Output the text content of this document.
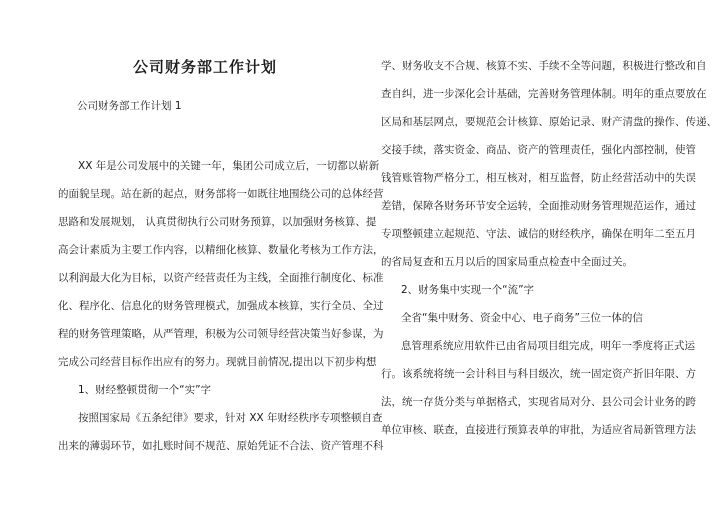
公司财务部工作计划
公司财务部工作计划 1
XX 年是公司发展中的关键一年，集团公司成立后，一切都以崭新
的面貌呈现。站在新的起点，财务部将一如既往地围绕公司的总体经营
思路和发展规划， 认真贯彻执行公司财务预算，以加强财务核算、提
高会计素质为主要工作内容，以精细化核算、数量化考核为工作方法，
以利润最大化为目标，以资产经营责任为主线，全面推行制度化、标准
化、程序化、信息化的财务管理模式，加强成本核算，实行全员、全过
程的财务管理策略，从严管理，积极为公司领导经营决策当好参谋，为
完成公司经营目标作出应有的努力。现就目前情况,提出以下初步构想
1、财经整顿贯彻一个“实”字
按照国家局《五条纪律》要求，针对 XX 年财经秩序专项整顿自查
出来的薄弱环节，如扎账时间不规范、原始凭证不合法、资产管理不科
学、财务收支不合规、核算不实、手续不全等问题，积极进行整改和自
查自纠，进一步深化会计基础，完善财务管理体制。明年的重点要放在
区局和基层网点，要规范会计核算、原始记录、财产清盘的操作、传递、
交接手续，落实资金、商品、资产的管理责任，强化内部控制，使管
钱管账管物严格分工，相互核对，相互监督，防止经营活动中的失误
差错，保障各财务环节安全运转，全面推动财务管理规范运作，通过
专项整顿建立起规范、守法、诚信的财经秩序，确保在明年二至五月
的省局复查和五月以后的国家局重点检查中全面过关。
2、财务集中实现一个“流”字
全省“集中财务、资金中心、电子商务”三位一体的信
息管理系统应用软件已由省局项目组完成，明年一季度将正式运
行。该系统将统一会计科目与科目级次，统一固定资产折旧年限、方
法，统一存货分类与单据格式，实现省局对分、县公司会计业务的跨
单位审核、联查，直接进行预算表单的审批，为适应省局新管理方法
